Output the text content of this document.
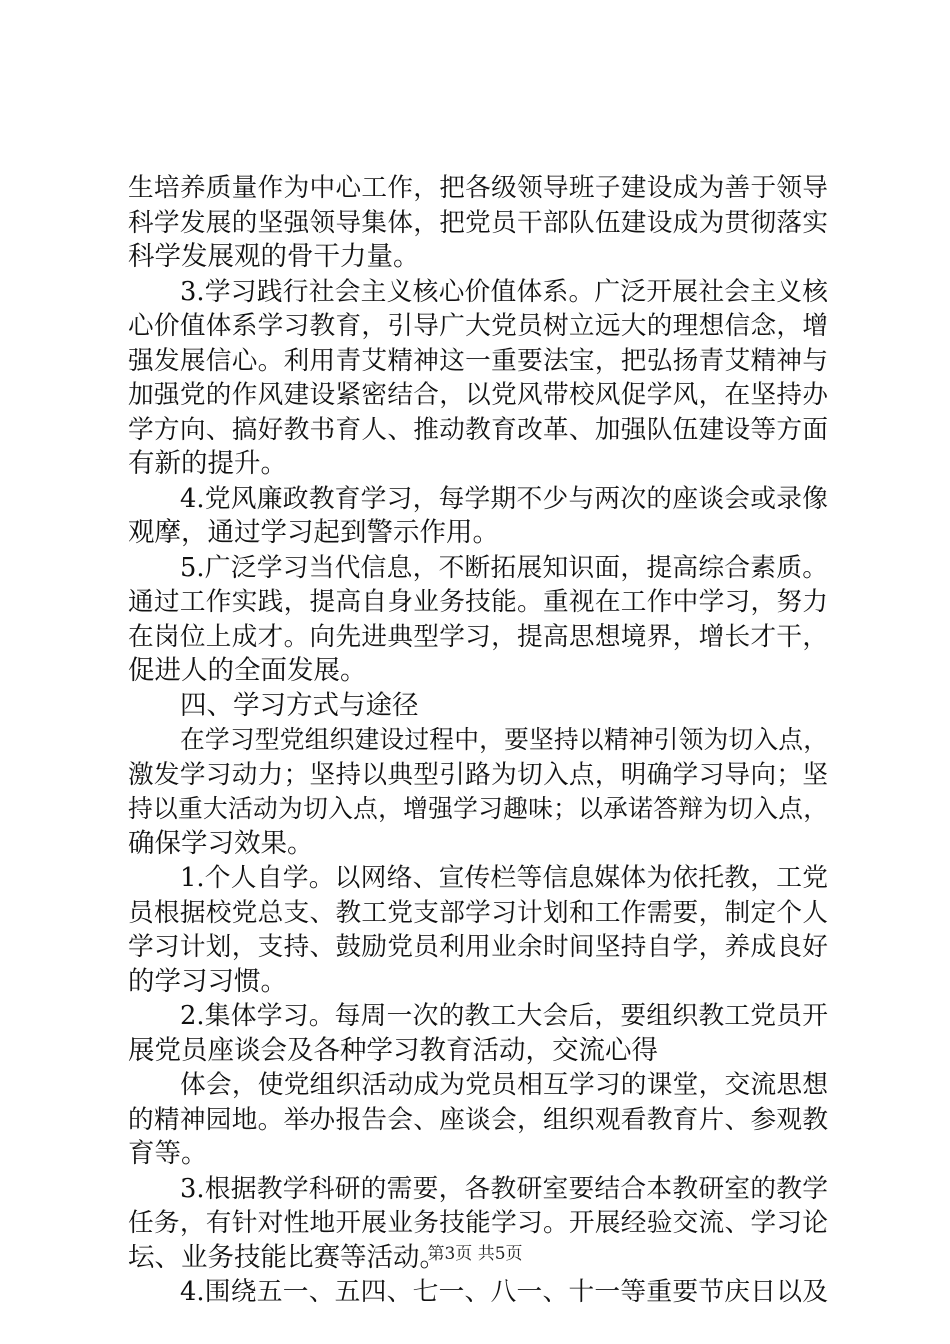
生培养质量作为中心工作，把各级领导班子建设成为善于领导
科学发展的坚强领导集体，把党员干部队伍建设成为贯彻落实
科学发展观的骨干力量。
3.学习践行社会主义核心价值体系。广泛开展社会主义核
心价值体系学习教育，引导广大党员树立远大的理想信念，增
强发展信心。利用青艾精神这一重要法宝，把弘扬青艾精神与
加强党的作风建设紧密结合，以党风带校风促学风，在坚持办
学方向、搞好教书育人、推动教育改革、加强队伍建设等方面
有新的提升。
4.党风廉政教育学习，每学期不少与两次的座谈会或录像
观摩，通过学习起到警示作用。
5.广泛学习当代信息，不断拓展知识面，提高综合素质。
通过工作实践，提高自身业务技能。重视在工作中学习，努力
在岗位上成才。向先进典型学习，提高思想境界，增长才干，
促进人的全面发展。
四、学习方式与途径
在学习型党组织建设过程中，要坚持以精神引领为切入点，
激发学习动力；坚持以典型引路为切入点，明确学习导向；坚
持以重大活动为切入点，增强学习趣味；以承诺答辩为切入点，
确保学习效果。
1.个人自学。以网络、宣传栏等信息媒体为依托教，工党
员根据校党总支、教工党支部学习计划和工作需要，制定个人
学习计划，支持、鼓励党员利用业余时间坚持自学，养成良好
的学习习惯。
2.集体学习。每周一次的教工大会后，要组织教工党员开
展党员座谈会及各种学习教育活动，交流心得
体会，使党组织活动成为党员相互学习的课堂，交流思想
的精神园地。举办报告会、座谈会，组织观看教育片、参观教
育等。
3.根据教学科研的需要，各教研室要结合本教研室的教学
任务，有针对性地开展业务技能学习。开展经验交流、学习论
坛、业务技能比赛等活动。
4.围绕五一、五四、七一、八一、十一等重要节庆日以及
第3页 共5页
